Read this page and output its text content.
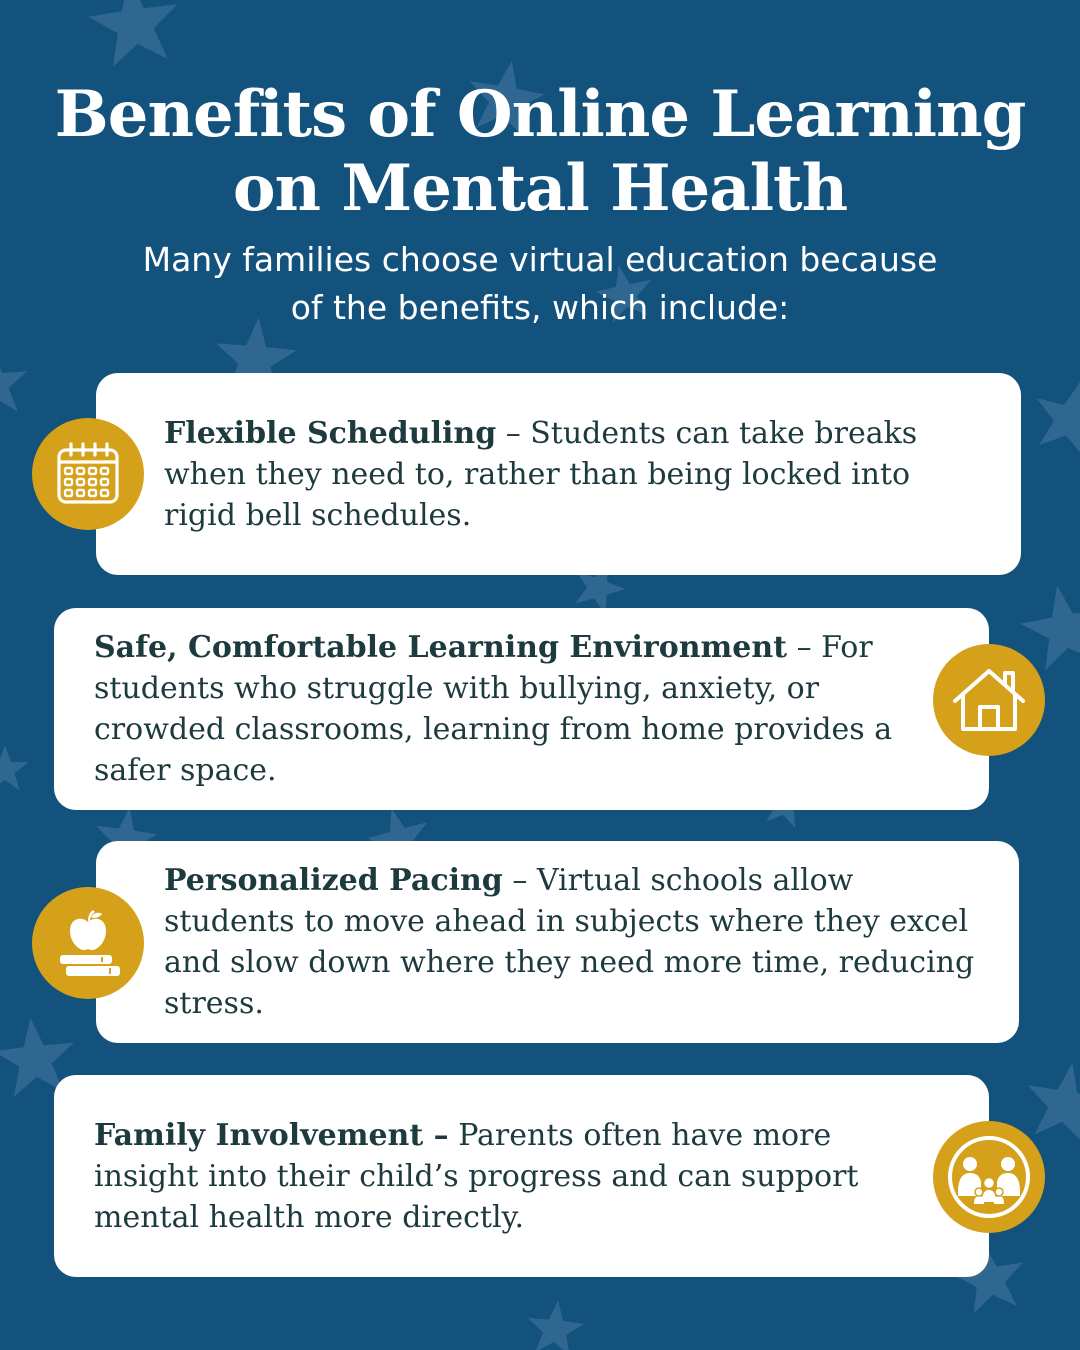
Benefits of Online Learning
on Mental Health

Many families choose virtual education because
of the benefits, which include:

Flexible Scheduling – Students can take breaks when they need to, rather than being locked into rigid bell schedules.

Safe, Comfortable Learning Environment – For students who struggle with bullying, anxiety, or crowded classrooms, learning from home provides a safer space.

Personalized Pacing – Virtual schools allow students to move ahead in subjects where they excel and slow down where they need more time, reducing stress.

Family Involvement – Parents often have more insight into their child’s progress and can support mental health more directly.
